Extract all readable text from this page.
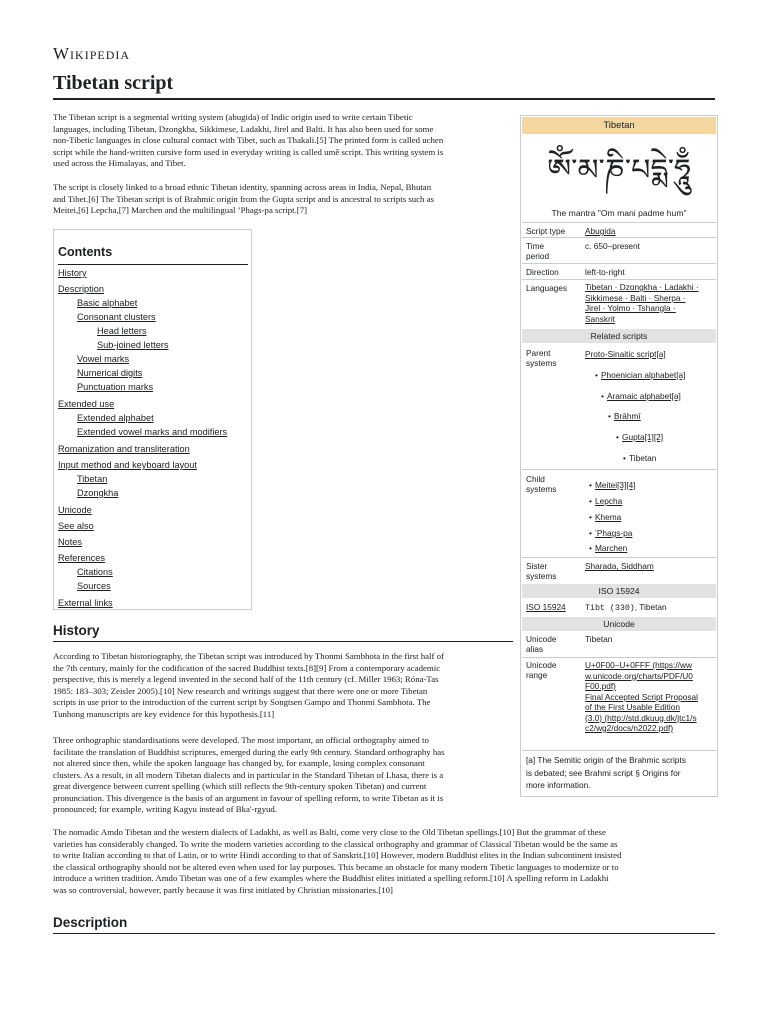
Wikipedia
Tibetan script
The Tibetan script is a segmental writing system (abugida) of Indic origin used to write certain Tibetic
languages, including Tibetan, Dzongkha, Sikkimese, Ladakhi, Jirel and Balti. It has also been used for some
non-Tibetic languages in close cultural contact with Tibet, such as Thakali.[5] The printed form is called uchen
script while the hand-written cursive form used in everyday writing is called umê script. This writing system is
used across the Himalayas, and Tibet.
The script is closely linked to a broad ethnic Tibetan identity, spanning across areas in India, Nepal, Bhutan
and Tibet.[6] The Tibetan script is of Brahmic origin from the Gupta script and is ancestral to scripts such as
Meitei,[6] Lepcha,[7] Marchen and the multilingual ʼPhags-pa script.[7]
Contents
History
Description
Basic alphabet
Consonant clusters
Head letters
Sub-joined letters
Vowel marks
Numerical digits
Punctuation marks
Extended use
Extended alphabet
Extended vowel marks and modifiers
Romanization and transliteration
Input method and keyboard layout
Tibetan
Dzongkha
Unicode
See also
Notes
References
Citations
Sources
External links
Tibetan
ཨོཾ་མ་ཎི་པདྨེ་ཧཱུྃ
The mantra "Om mani padme hum"
Script type Abugida
Time period
c. 650–present
Direction	left-to-right
Languages Tibetan · Dzongkha · Ladakhi ·
Sikkimese · Balti · Sherpa ·
Jirel · Yolmo · Tshangla ·
Sanskrit
Related scripts
Parent systems
Proto-Sinaitic script[a]
• Phoenician alphabet[a]
• Aramaic alphabet[a]
• Brāhmī
• Gupta[1][2]
• Tibetan
Child systems	• Meitei[3][4]
• Lepcha
• Khema
• ʼPhags-pa
• Marchen
Sister systems
Sharada, Siddham
ISO 15924
ISO 15924 Tibt (330), Tibetan
Unicode
Unicode alias
Tibetan
Unicode range
U+0F00–U+0FFF (https://ww
w.unicode.org/charts/PDF/U0
F00.pdf)
Final Accepted Script Proposal
of the First Usable Edition
(3.0) (http://std.dkuug.dk/jtc1/s
c2/wg2/docs/n2022.pdf)
[a] The Semitic origin of the Brahmic scripts
is debated; see Brahmi script § Origins for
more information.
History
According to Tibetan historiography, the Tibetan script was introduced by Thonmi Sambhota in the first half of
the 7th century, mainly for the codification of the sacred Buddhist texts.[8][9] From a contemporary academic
perspective, this is merely a legend invented in the second half of the 11th century (cf. Miller 1963; Róna-Tas
1985: 183–303; Zeisler 2005).[10] New research and writings suggest that there were one or more Tibetan
scripts in use prior to the introduction of the current script by Songtsen Gampo and Thonmi Sambhota. The
Tunhong manuscripts are key evidence for this hypothesis.[11]
Three orthographic standardisations were developed. The most important, an official orthography aimed to
facilitate the translation of Buddhist scriptures, emerged during the early 9th century. Standard orthography has
not altered since then, while the spoken language has changed by, for example, losing complex consonant
clusters. As a result, in all modern Tibetan dialects and in particular in the Standard Tibetan of Lhasa, there is a
great divergence between current spelling (which still reflects the 9th-century spoken Tibetan) and current
pronunciation. This divergence is the basis of an argument in favour of spelling reform, to write Tibetan as it is
pronounced; for example, writing Kagyu instead of Bka'-rgyud.
The nomadic Amdo Tibetan and the western dialects of Ladakhi, as well as Balti, come very close to the Old Tibetan spellings.[10] But the grammar of these
varieties has considerably changed. To write the modern varieties according to the classical orthography and grammar of Classical Tibetan would be the same as
to write Italian according to that of Latin, or to write Hindi according to that of Sanskrit.[10] However, modern Buddhist elites in the Indian subcontinent insisted
the classical orthography should not be altered even when used for lay purposes. This became an obstacle for many modern Tibetic languages to modernize or to
introduce a written tradition. Amdo Tibetan was one of a few examples where the Buddhist elites initiated a spelling reform.[10] A spelling reform in Ladakhi
was so controversial, however, partly because it was first initiated by Christian missionaries.[10]
Description
